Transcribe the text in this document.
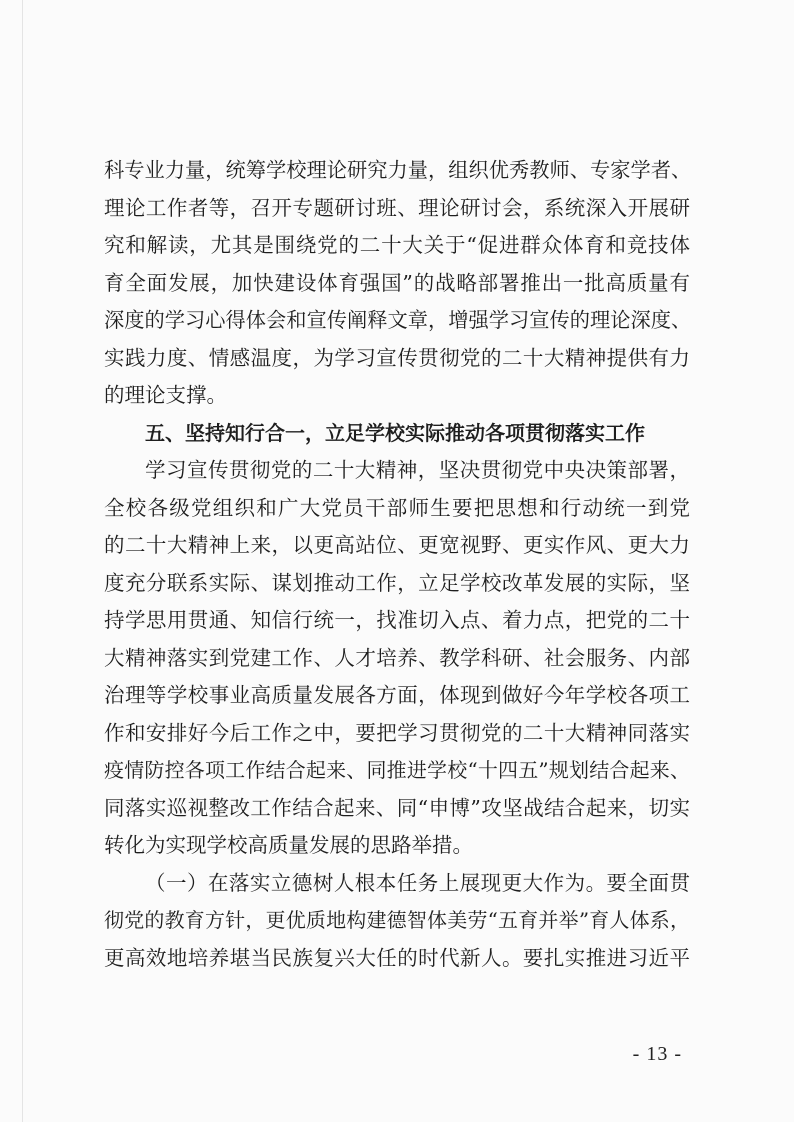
科专业力量，统筹学校理论研究力量，组织优秀教师、专家学者、
理论工作者等，召开专题研讨班、理论研讨会，系统深入开展研
究和解读，尤其是围绕党的二十大关于“促进群众体育和竞技体
育全面发展，加快建设体育强国”的战略部署推出一批高质量有
深度的学习心得体会和宣传阐释文章，增强学习宣传的理论深度、
实践力度、情感温度，为学习宣传贯彻党的二十大精神提供有力
的理论支撑。
五、坚持知行合一，立足学校实际推动各项贯彻落实工作
学习宣传贯彻党的二十大精神，坚决贯彻党中央决策部署，
全校各级党组织和广大党员干部师生要把思想和行动统一到党
的二十大精神上来，以更高站位、更宽视野、更实作风、更大力
度充分联系实际、谋划推动工作，立足学校改革发展的实际，坚
持学思用贯通、知信行统一，找准切入点、着力点，把党的二十
大精神落实到党建工作、人才培养、教学科研、社会服务、内部
治理等学校事业高质量发展各方面，体现到做好今年学校各项工
作和安排好今后工作之中，要把学习贯彻党的二十大精神同落实
疫情防控各项工作结合起来、同推进学校“十四五”规划结合起来、
同落实巡视整改工作结合起来、同“申博”攻坚战结合起来，切实
转化为实现学校高质量发展的思路举措。
（一）在落实立德树人根本任务上展现更大作为。要全面贯
彻党的教育方针，更优质地构建德智体美劳“五育并举”育人体系，
更高效地培养堪当民族复兴大任的时代新人。要扎实推进习近平
- 13 -
